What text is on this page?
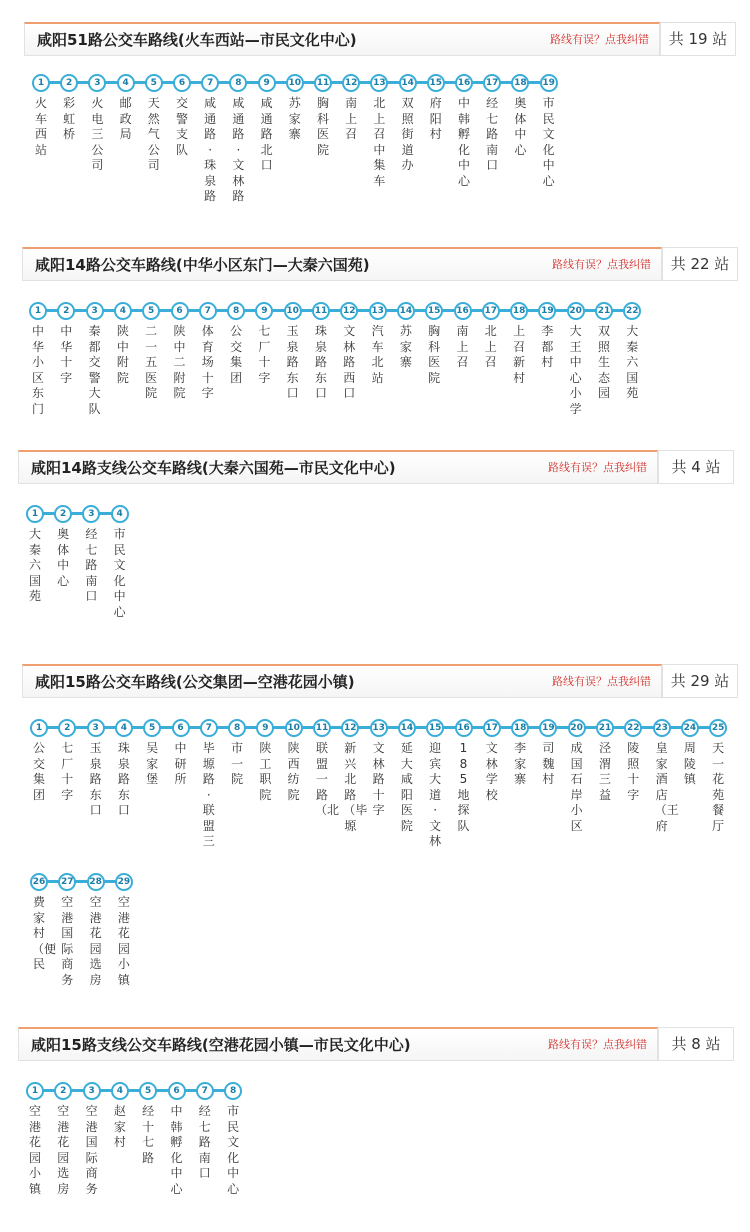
咸阳51路公交车路线(火车西站—市民文化中心)	路线有误？点我纠错	共 19 站
1
火车西站
2
彩虹桥
3
火电三公司
4
邮政局
5
天然气公司
6
交警支队
7
咸通路·珠泉路
8
咸通路·文林路
9
咸通路北口
10
苏家寨
11
胸科医院
12
南上召
13
北上召中集车
14
双照街道办
15
府阳村
16
中韩孵化中心
17
经七路南口
18
奥体中心
19
市民文化中心
咸阳14路公交车路线(中华小区东门—大秦六国苑)	路线有误？点我纠错	共 22 站
1
中华小区东门
2
中华十字
3
秦都交警大队
4
陕中附院
5
二一五医院
6
陕中二附院
7
体育场十字
8
公交集团
9
七厂十字
10
玉泉路东口
11
珠泉路东口
12
文林路西口
13
汽车北站
14
苏家寨
15
胸科医院
16
南上召
17
北上召
18
上召新村
19
李都村
20
大王中心小学
21
双照生态园
22
大秦六国苑
咸阳14路支线公交车路线(大秦六国苑—市民文化中心)	路线有误？点我纠错	共 4 站
1
大秦六国苑
2
奥体中心
3
经七路南口
4
市民文化中心
咸阳15路公交车路线(公交集团—空港花园小镇)	路线有误？点我纠错	共 29 站
1
公交集团
2
七厂十字
3
玉泉路东口
4
珠泉路东口
5
吴家堡
6
中研所
7
毕塬路·联盟三
8
市一院
9
陕工职院
10
陕西纺院
11
联盟一路（北
12
新兴北路（毕塬
13
文林路十字
14
延大咸阳医院
15
迎宾大道·文林
16
185地探队
17
文林学校
18
李家寨
19
司魏村
20
成国石岸小区
21
泾渭三益
22
陵照十字
23
皇家酒店（王府
24
周陵镇
25
天一花苑餐厅
26
费家村（便民
27
空港国际商务
28
空港花园选房
29
空港花园小镇
咸阳15路支线公交车路线(空港花园小镇—市民文化中心)	路线有误？点我纠错	共 8 站
1
空港花园小镇
2
空港花园选房
3
空港国际商务
4
赵家村
5
经十七路
6
中韩孵化中心
7
经七路南口
8
市民文化中心
